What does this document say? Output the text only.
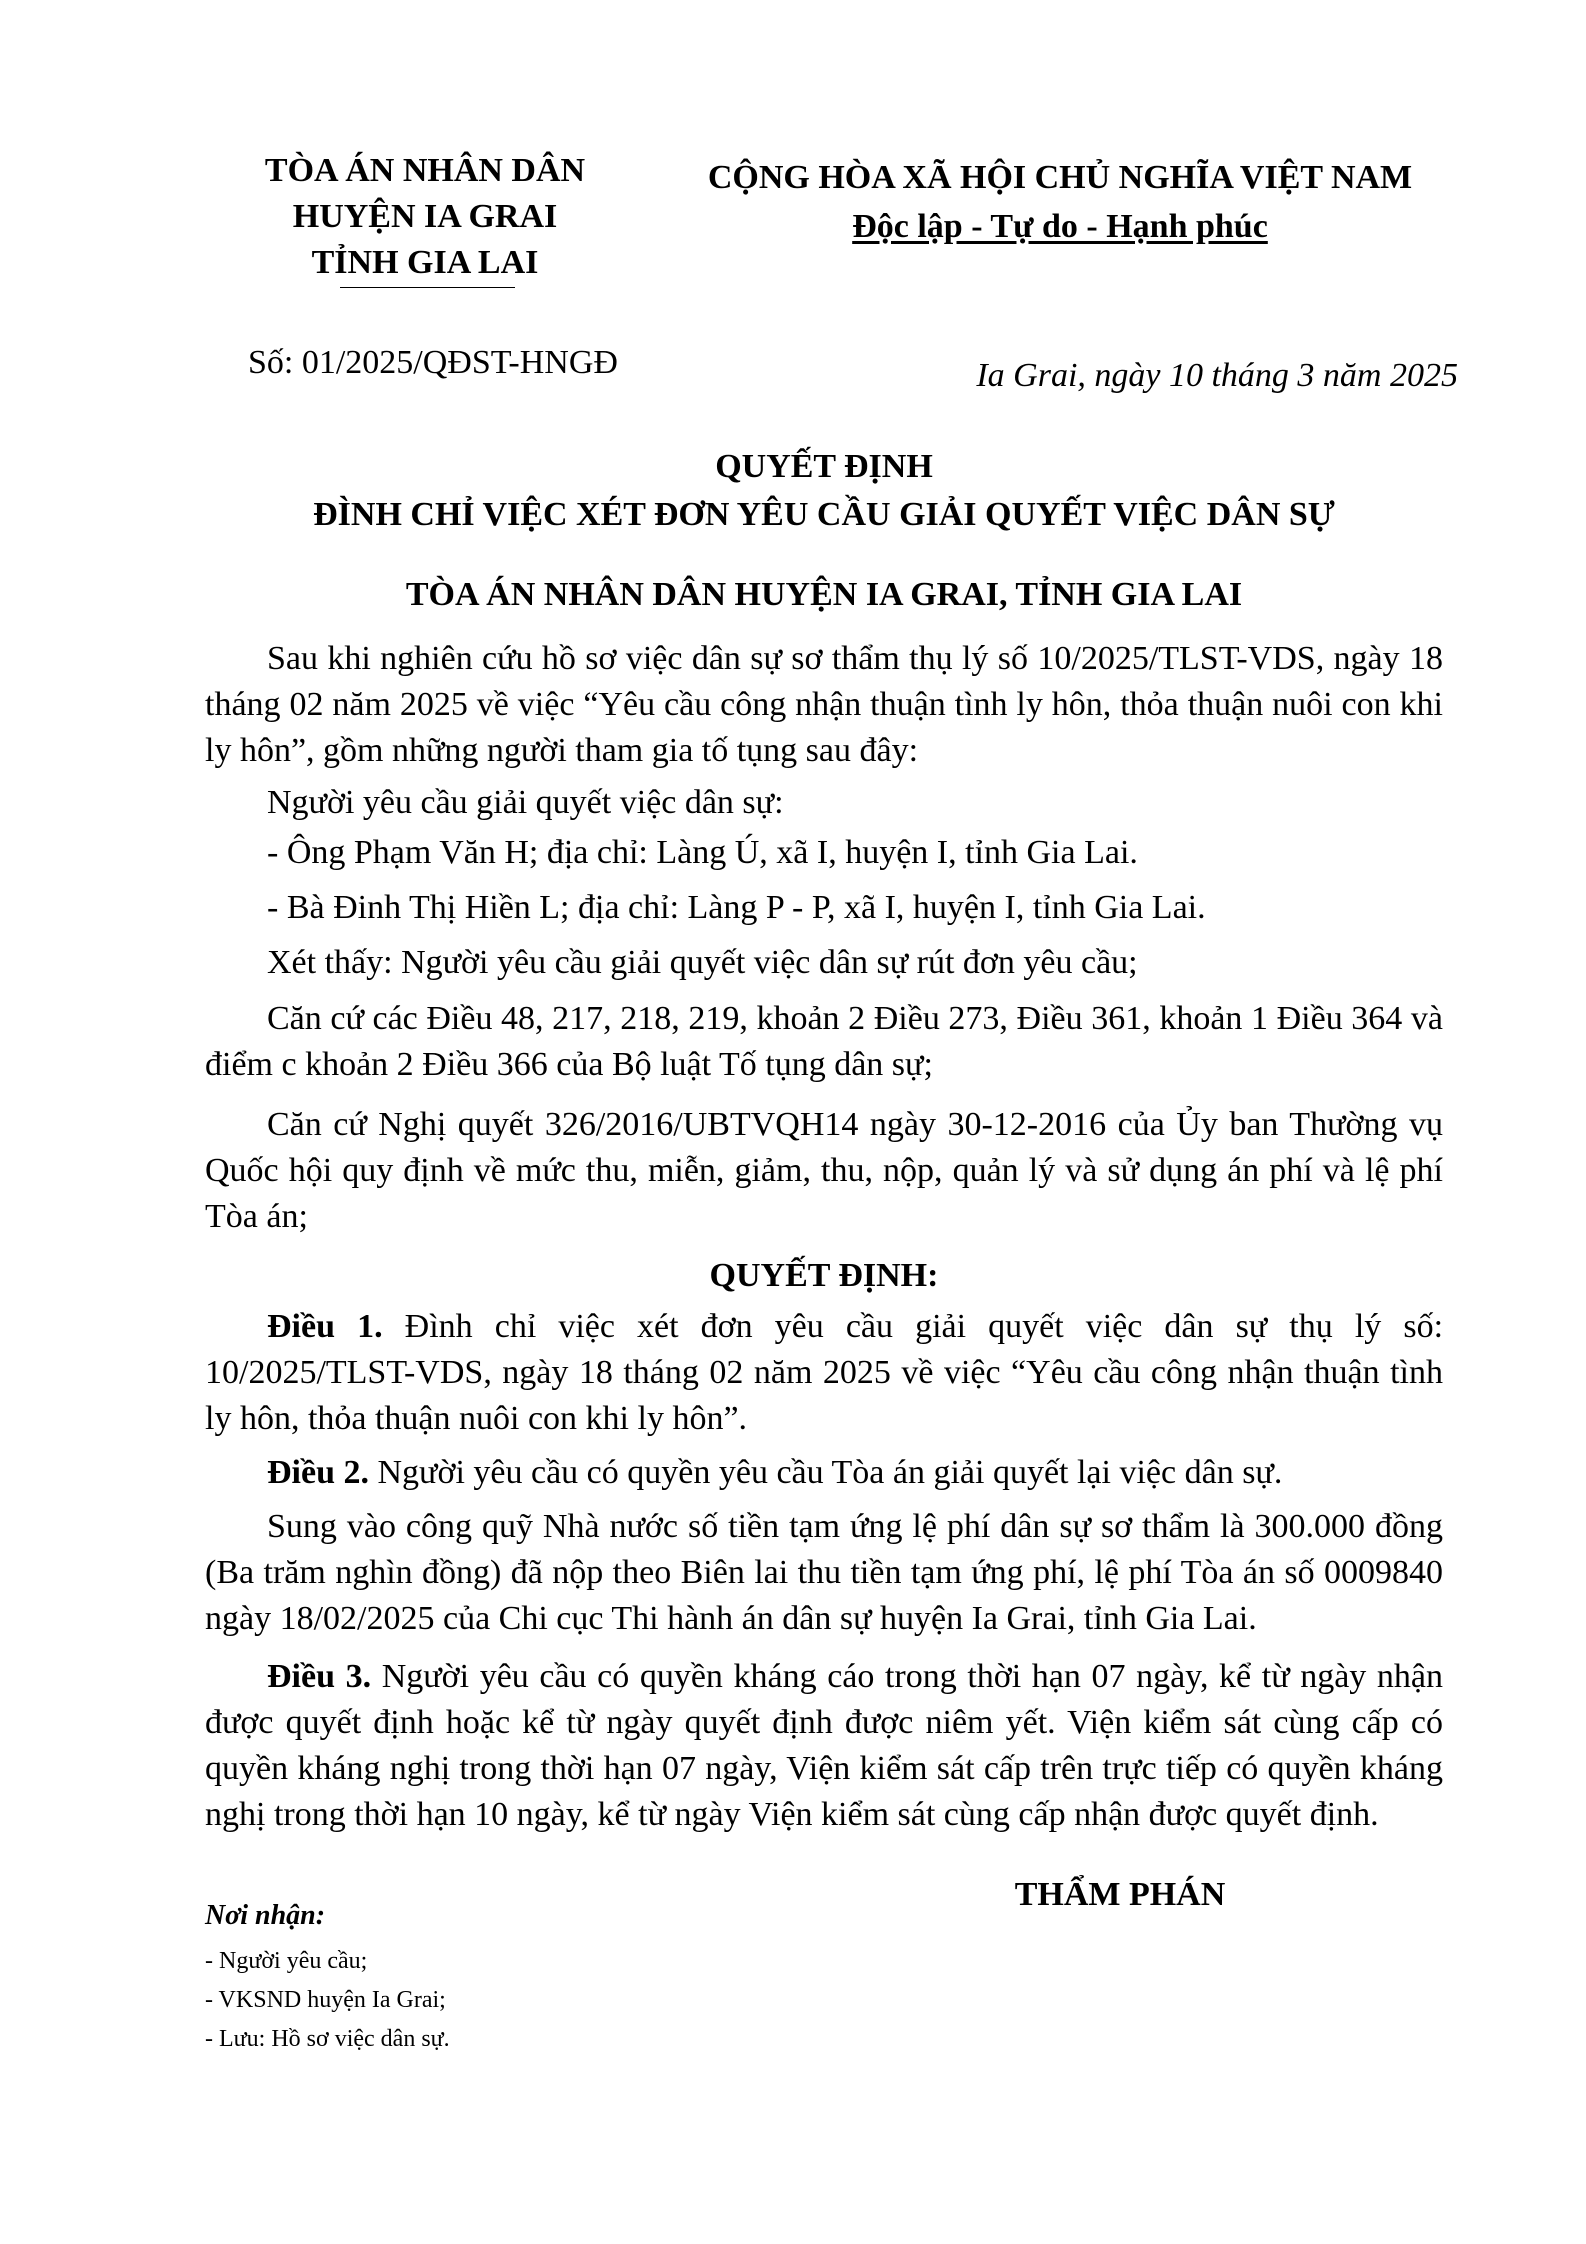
TÒA ÁN NHÂN DÂN
HUYỆN IA GRAI
TỈNH GIA LAI
CỘNG HÒA XÃ HỘI CHỦ NGHĨA VIỆT NAM
Độc lập - Tự do - Hạnh phúc
Số: 01/2025/QĐST-HNGĐ	Ia Grai, ngày 10 tháng 3 năm 2025
QUYẾT ĐỊNH
ĐÌNH CHỈ VIỆC XÉT ĐƠN YÊU CẦU GIẢI QUYẾT VIỆC DÂN SỰ
TÒA ÁN NHÂN DÂN HUYỆN IA GRAI, TỈNH GIA LAI

Sau khi nghiên cứu hồ sơ việc dân sự sơ thẩm thụ lý số 10/2025/TLST-VDS, ngày 18 tháng 02 năm 2025 về việc “Yêu cầu công nhận thuận tình ly hôn, thỏa thuận nuôi con khi ly hôn”, gồm những người tham gia tố tụng sau đây:

Người yêu cầu giải quyết việc dân sự:
- Ông Phạm Văn H; địa chỉ: Làng Ú, xã I, huyện I, tỉnh Gia Lai.
- Bà Đinh Thị Hiền L; địa chỉ: Làng P - P, xã I, huyện I, tỉnh Gia Lai.
Xét thấy: Người yêu cầu giải quyết việc dân sự rút đơn yêu cầu;

Căn cứ các Điều 48, 217, 218, 219, khoản 2 Điều 273, Điều 361, khoản 1 Điều 364 và điểm c khoản 2 Điều 366 của Bộ luật Tố tụng dân sự;

Căn cứ Nghị quyết 326/2016/UBTVQH14 ngày 30-12-2016 của Ủy ban Thường vụ Quốc hội quy định về mức thu, miễn, giảm, thu, nộp, quản lý và sử dụng án phí và lệ phí Tòa án;

QUYẾT ĐỊNH:

Điều 1. Đình chỉ việc xét đơn yêu cầu giải quyết việc dân sự thụ lý số: 10/2025/TLST-VDS, ngày 18 tháng 02 năm 2025 về việc “Yêu cầu công nhận thuận tình ly hôn, thỏa thuận nuôi con khi ly hôn”.

Điều 2. Người yêu cầu có quyền yêu cầu Tòa án giải quyết lại việc dân sự.

Sung vào công quỹ Nhà nước số tiền tạm ứng lệ phí dân sự sơ thẩm là 300.000 đồng (Ba trăm nghìn đồng) đã nộp theo Biên lai thu tiền tạm ứng phí, lệ phí Tòa án số 0009840 ngày 18/02/2025 của Chi cục Thi hành án dân sự huyện Ia Grai, tỉnh Gia Lai.

Điều 3. Người yêu cầu có quyền kháng cáo trong thời hạn 07 ngày, kể từ ngày nhận được quyết định hoặc kể từ ngày quyết định được niêm yết. Viện kiểm sát cùng cấp có quyền kháng nghị trong thời hạn 07 ngày, Viện kiểm sát cấp trên trực tiếp có quyền kháng nghị trong thời hạn 10 ngày, kể từ ngày Viện kiểm sát cùng cấp nhận được quyết định.

Nơi nhận:
- Người yêu cầu;
- VKSND huyện Ia Grai;
- Lưu: Hồ sơ việc dân sự.
THẨM PHÁN
